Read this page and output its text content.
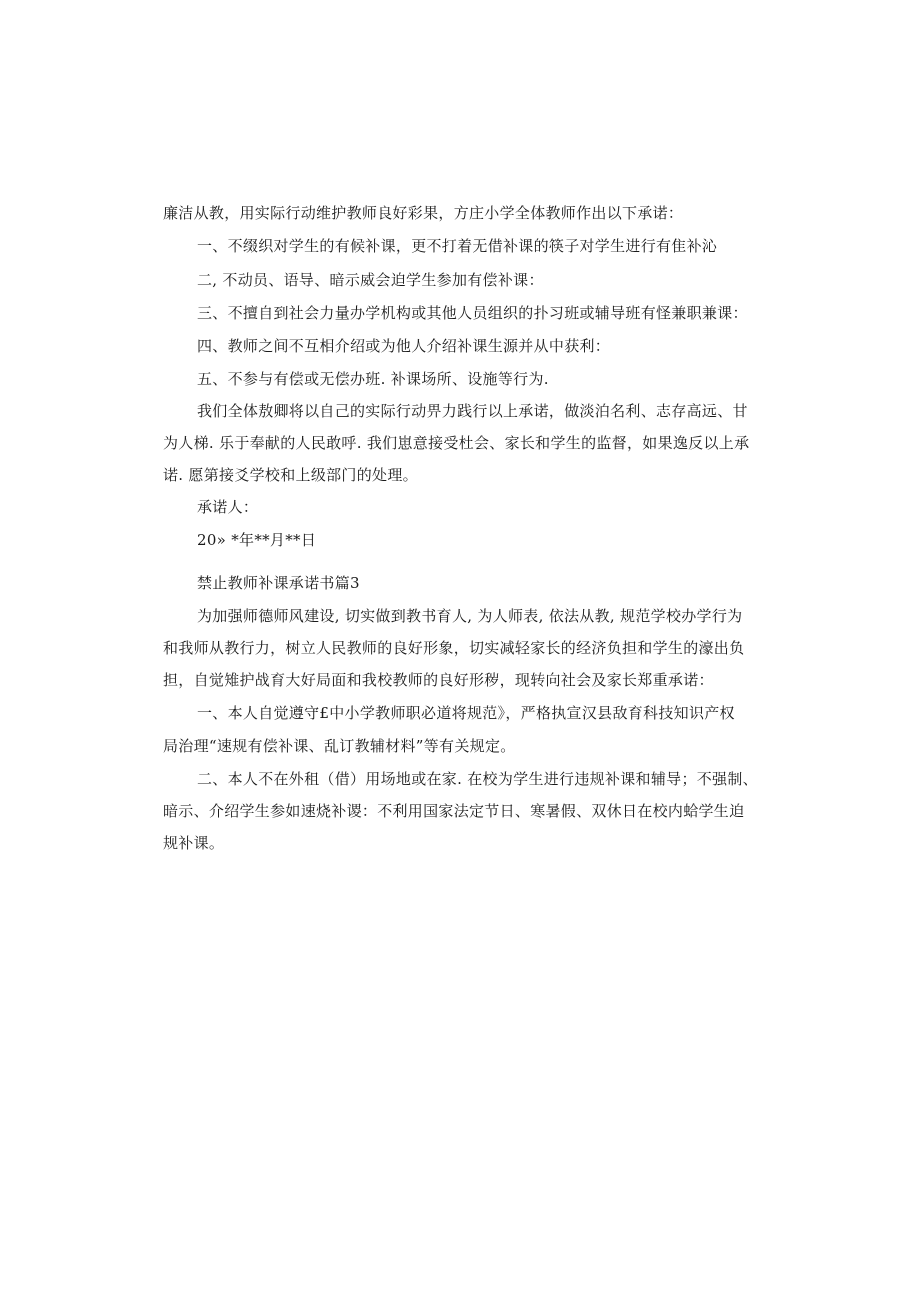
廉洁从教，用实际行动维护教师良好彩果，方庄小学全体教师作出以下承诺：
一、不缀织对学生的有候补课，更不打着无借补课的筷子对学生进行有隹补沁
二, 不动员、语导、暗示威会迫学生参加有偿补课：
三、不擅自到社会力量办学机构或其他人员组织的扑习班或辅导班有怪兼职兼课：
四、教师之间不互相介绍或为他人介绍补课生源并从中获利：
五、不参与有偿或无偿办班. 补课场所、设施等行为.
我们全体敖卿将以自己的实际行动畀力践行以上承诺，做淡泊名利、志存高远、甘
为人梯. 乐于奉献的人民敢呼. 我们崽意接受杜会、家长和学生的监督，如果逸反以上承
诺. 愿第接爻学校和上级部门的处理。
承诺人：
20» *年**月**日
禁止教师补课承诺书篇3
为加强师德师风建设, 切实做到教书育人, 为人师表, 依法从教, 规范学校办学行为
和我师从教行力，树立人民教师的良好形象，切实减轻家长的经济负担和学生的濠出负
担，自觉雉护战育大好局面和我校教师的良好形秽，现转向社会及家长郑重承诺：
一、本人自觉遵守£中小学教师职必道将规范》，严格执宣汉县敌育科技知识产权
局治理“速规有偿补课、乱订教辅材料”等有关规定。
二、本人不在外租（借）用场地或在家. 在校为学生进行违规补课和辅导；不强制、
暗示、介绍学生参如速烧补谡：不利用国家法定节日、寒暑假、双休日在校内蛤学生迫
规补课。
